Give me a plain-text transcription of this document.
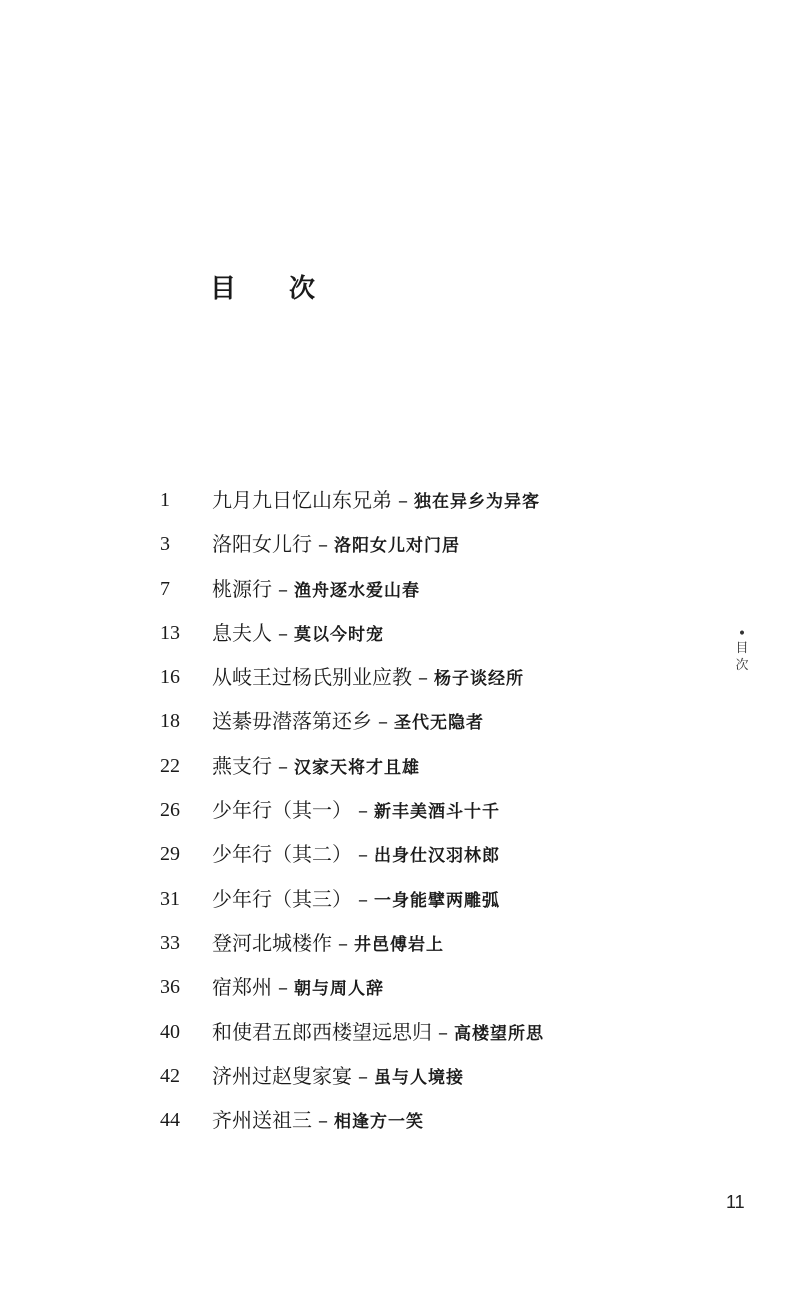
目 次
1	九月九日忆山东兄弟 – 独在异乡为异客
3	洛阳女儿行 – 洛阳女儿对门居
7	桃源行 – 渔舟逐水爱山春
13	息夫人 – 莫以今时宠
16	从岐王过杨氏别业应教 – 杨子谈经所
18	送綦毋潜落第还乡 – 圣代无隐者
22	燕支行 – 汉家天将才且雄
26	少年行（其一） – 新丰美酒斗十千
29	少年行（其二） – 出身仕汉羽林郎
31	少年行（其三） – 一身能擘两雕弧
33	登河北城楼作 – 井邑傅岩上
36	宿郑州 – 朝与周人辞
40	和使君五郎西楼望远思归 – 高楼望所思
42	济州过赵叟家宴 – 虽与人境接
44	齐州送祖三 – 相逢方一笑
•
目
次
11
